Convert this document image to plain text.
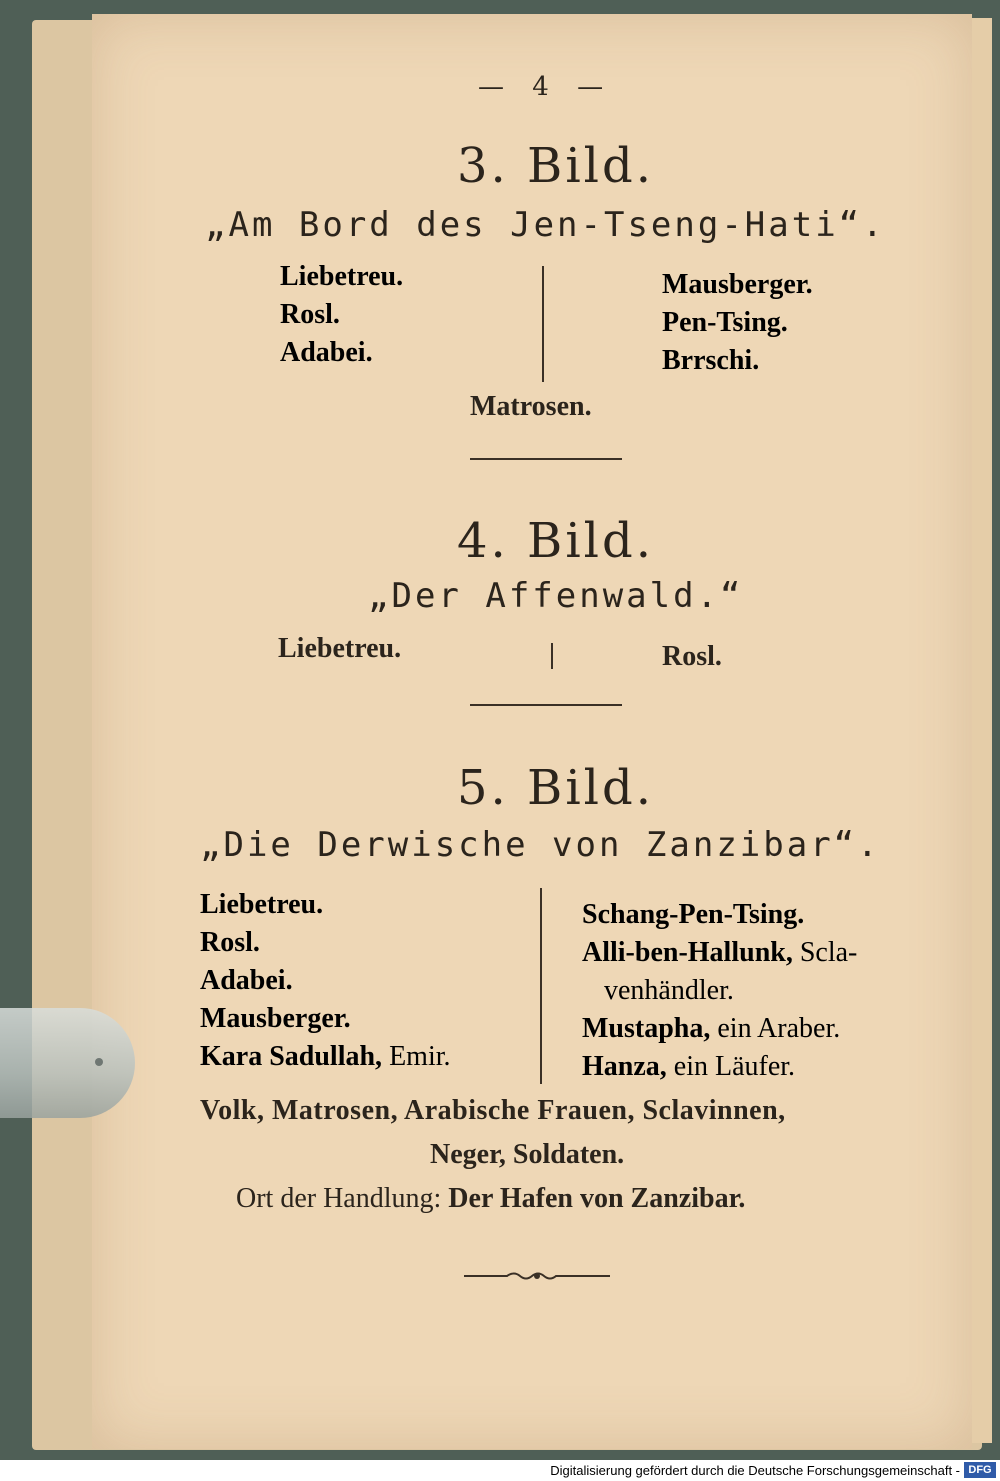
— 4 —
3. Bild.
„Am Bord des Jen-Tseng-Hati“.
Liebetreu.
Rosl.
Adabei.
Mausberger.
Pen-Tsing.
Brrschi.
Matrosen.
4. Bild.
„Der Affenwald.“
Liebetreu.	Rosl.
5. Bild.
„Die Derwische von Zanzibar“.
Liebetreu.
Rosl.
Adabei.
Mausberger.
Kara Sadullah, Emir.
Schang-Pen-Tsing.
Alli-ben-Hallunk, Scla-
venhändler.
Mustapha, ein Araber.
Hanza, ein Läufer.
Volk, Matrosen, Arabische Frauen, Sclavinnen,
Neger, Soldaten.
Ort der Handlung: Der Hafen von Zanzibar.
Digitalisierung gefördert durch die Deutsche Forschungsgemeinschaft - DFG
